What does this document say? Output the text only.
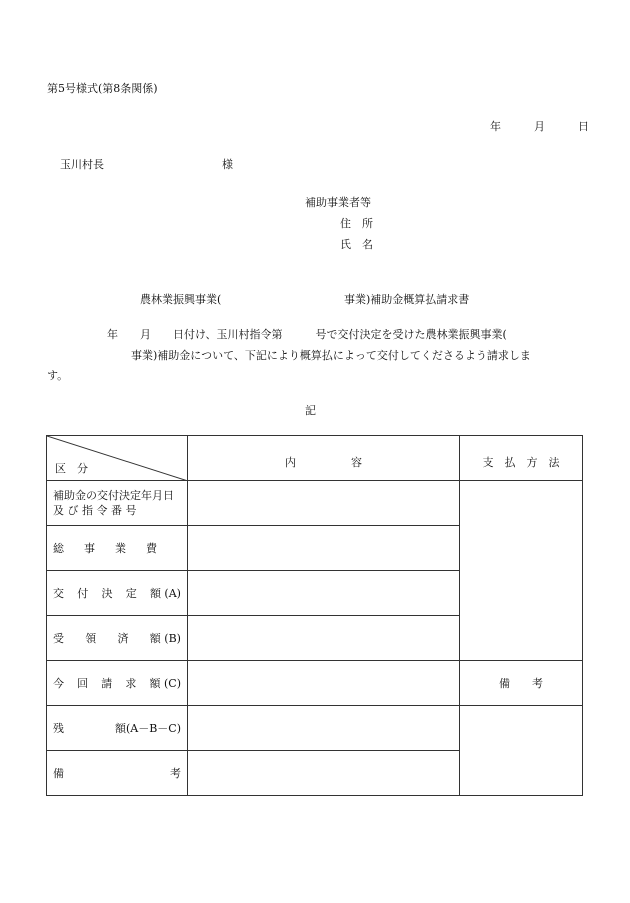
第5号様式(第8条関係)
年	月	日
玉川村長	様
補助事業者等
住　所
氏　名
農林業振興事業(	事業)補助金概算払請求書
年　　月　　日付け、玉川村指令第　　　号で交付決定を受けた農林業振興事業(
事業)補助金について、下記により概算払によって交付してくださるよう請求しま
す。
記
区　分	内　　　　　容	支　払　方　法

補助金の交付決定年月日
及 び 指 令 番 号		

総 事 業 費		

交 付 決 定 額 (A)		

受 領 済 額 (B)		

今 回 請 求 額 (C)		備　　考

残 額(A－B－C)		

備 考		
